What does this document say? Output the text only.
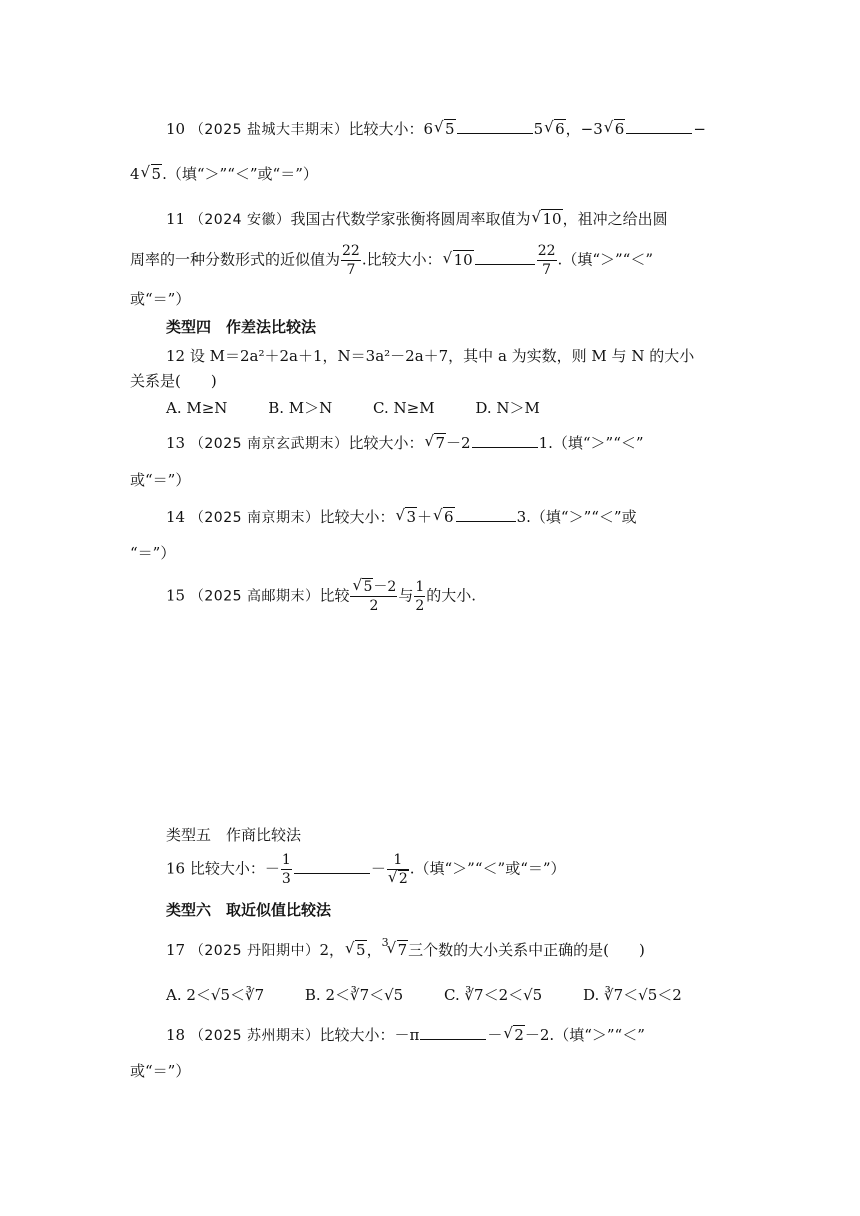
10 （2025 盐城大丰期末）比较大小：6 √ 5	5 √ 6，−3 √ 6	−
4 √ 5.（填“＞”“＜”或“＝”）
11 （2024 安徽）我国古代数学家张衡将圆周率取值为 √ 10，祖冲之给出圆
周率的一种分数形式的近似值为 $\frac{22}{7}$ .比较大小： √ 10	$\frac{22}{7}$ .（填“＞”“＜”
或“＝”）
类型四　作差法比较法
12 设 M＝2a²＋2a＋1，N＝3a²－2a＋7，其中 a 为实数，则 M 与 N 的大小
关系是(　　)
A. M≥N	B. M＞N	C. N≥M	D. N＞M
13 （2025 南京玄武期末）比较大小： √ 7－2	1.（填“＞”“＜”
或“＝”）
14 （2025 南京期末）比较大小： √ 3＋ √ 6	3.（填“＞”“＜”或
“＝”）
15 （2025 高邮期末）比较 √ $\frac{5-2}{2}$ 与 $\frac{1}{2}$ 的大小.
类型五　作商比较法
16 比较大小：－ $\frac{1}{3}$	－ 1
√ 2 .（填“＞”“＜”或“＝”）
类型六　取近似值比较法
17 （2025 丹阳期中）2， √ 5，$^3$ √ 7三个数的大小关系中正确的是(　　)
A. 2＜√5＜∛7	B. 2＜∛7＜√5	C. ∛7＜2＜√5	D. ∛7＜√5＜2
18 （2025 苏州期末）比较大小：－π	－ √ 2－2.（填“＞”“＜”
或“＝”）
